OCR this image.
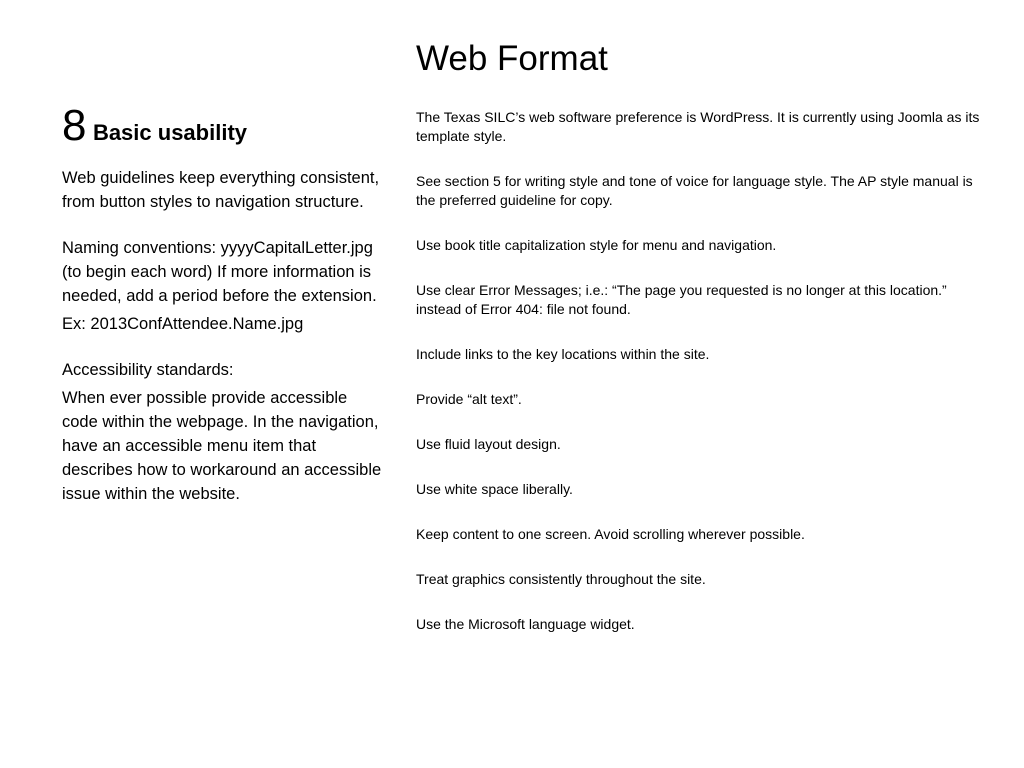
Web Format
8 Basic usability

Web guidelines keep everything consistent, from button styles to navigation structure.

Naming conventions: yyyyCapitalLetter.jpg (to begin each word) If more information is needed, add a period before the extension.

Ex: 2013ConfAttendee.Name.jpg

Accessibility standards:

When ever possible provide accessible code within the webpage. In the navigation, have an accessible menu item that describes how to workaround an accessible issue within the website.

The Texas SILC’s web software preference is WordPress. It is currently using Joomla as its template style.

See section 5 for writing style and tone of voice for language style. The AP style manual is the preferred guideline for copy.

Use book title capitalization style for menu and navigation.

Use clear Error Messages; i.e.: “The page you requested is no longer at this location.” instead of Error 404: file not found.

Include links to the key locations within the site.

Provide “alt text”.

Use fluid layout design.

Use white space liberally.

Keep content to one screen. Avoid scrolling wherever possible.

Treat graphics consistently throughout the site.

Use the Microsoft language widget.
